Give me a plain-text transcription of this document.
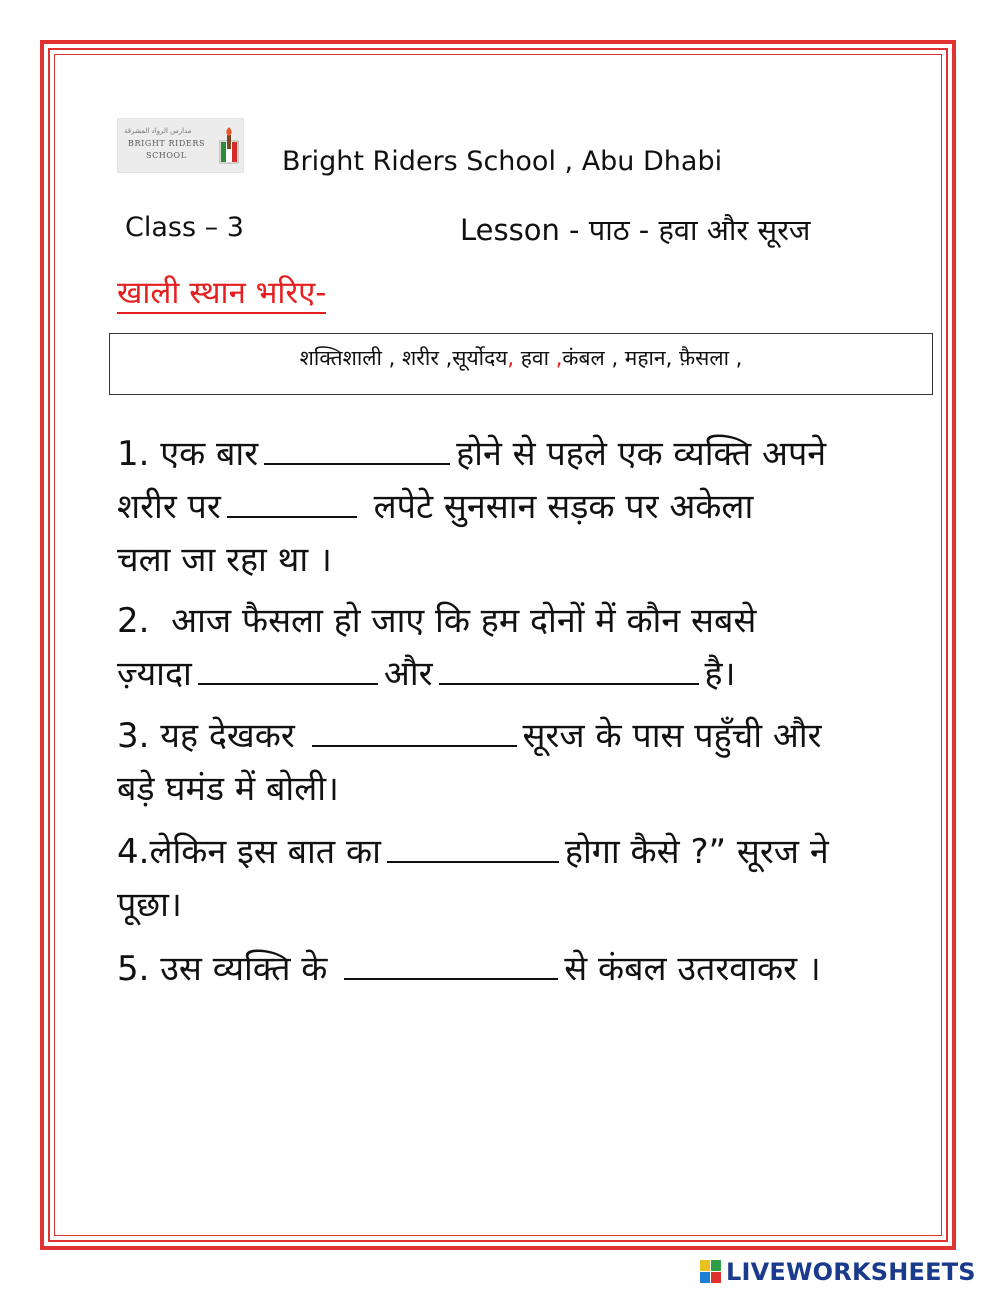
مدارس الرواد المشرقة
BRIGHT RIDERS
SCHOOL	Bright Riders School , Abu Dhabi
Class – 3	Lesson - पाठ - हवा और सूरज
खाली स्थान भरिए-
शक्तिशाली , शरीर ,सूर्योदय, हवा ,कंबल , महान, फ़ैसला ,
1. एक बार	होने से पहले एक व्यक्ति अपने
शरीर पर	लपेटे सुनसान सड़क पर अकेला
चला जा रहा था ।
2. आज फैसला हो जाए कि हम दोनों में कौन सबसे
ज़्यादा	और	है।
3. यह देखकर	सूरज के पास पहुँची और
बड़े घमंड में बोली।
4.लेकिन इस बात का	होगा कैसे ?” सूरज ने
पूछा।
5. उस व्यक्ति के	से कंबल उतरवाकर ।
LIVEWORKSHEETS
